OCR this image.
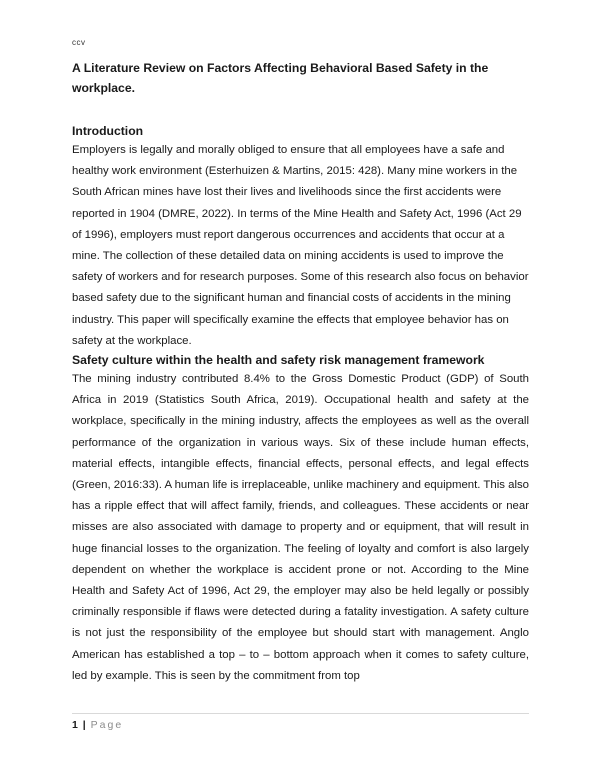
ccv
A Literature Review on Factors Affecting Behavioral Based Safety in the workplace.

Introduction

Employers is legally and morally obliged to ensure that all employees have a safe and healthy work environment (Esterhuizen & Martins, 2015: 428). Many mine workers in the South African mines have lost their lives and livelihoods since the first accidents were reported in 1904 (DMRE, 2022). In terms of the Mine Health and Safety Act, 1996 (Act 29 of 1996), employers must report dangerous occurrences and accidents that occur at a mine. The collection of these detailed data on mining accidents is used to improve the safety of workers and for research purposes. Some of this research also focus on behavior based safety due to the significant human and financial costs of accidents in the mining industry. This paper will specifically examine the effects that employee behavior has on safety at the workplace.

Safety culture within the health and safety risk management framework

The mining industry contributed 8.4% to the Gross Domestic Product (GDP) of South Africa in 2019 (Statistics South Africa, 2019). Occupational health and safety at the workplace, specifically in the mining industry, affects the employees as well as the overall performance of the organization in various ways. Six of these include human effects, material effects, intangible effects, financial effects, personal effects, and legal effects (Green, 2016:33). A human life is irreplaceable, unlike machinery and equipment. This also has a ripple effect that will affect family, friends, and colleagues. These accidents or near misses are also associated with damage to property and or equipment, that will result in huge financial losses to the organization. The feeling of loyalty and comfort is also largely dependent on whether the workplace is accident prone or not. According to the Mine Health and Safety Act of 1996, Act 29, the employer may also be held legally or possibly criminally responsible if flaws were detected during a fatality investigation. A safety culture is not just the responsibility of the employee but should start with management. Anglo American has established a top – to – bottom approach when it comes to safety culture, led by example. This is seen by the commitment from top

1 | Page
